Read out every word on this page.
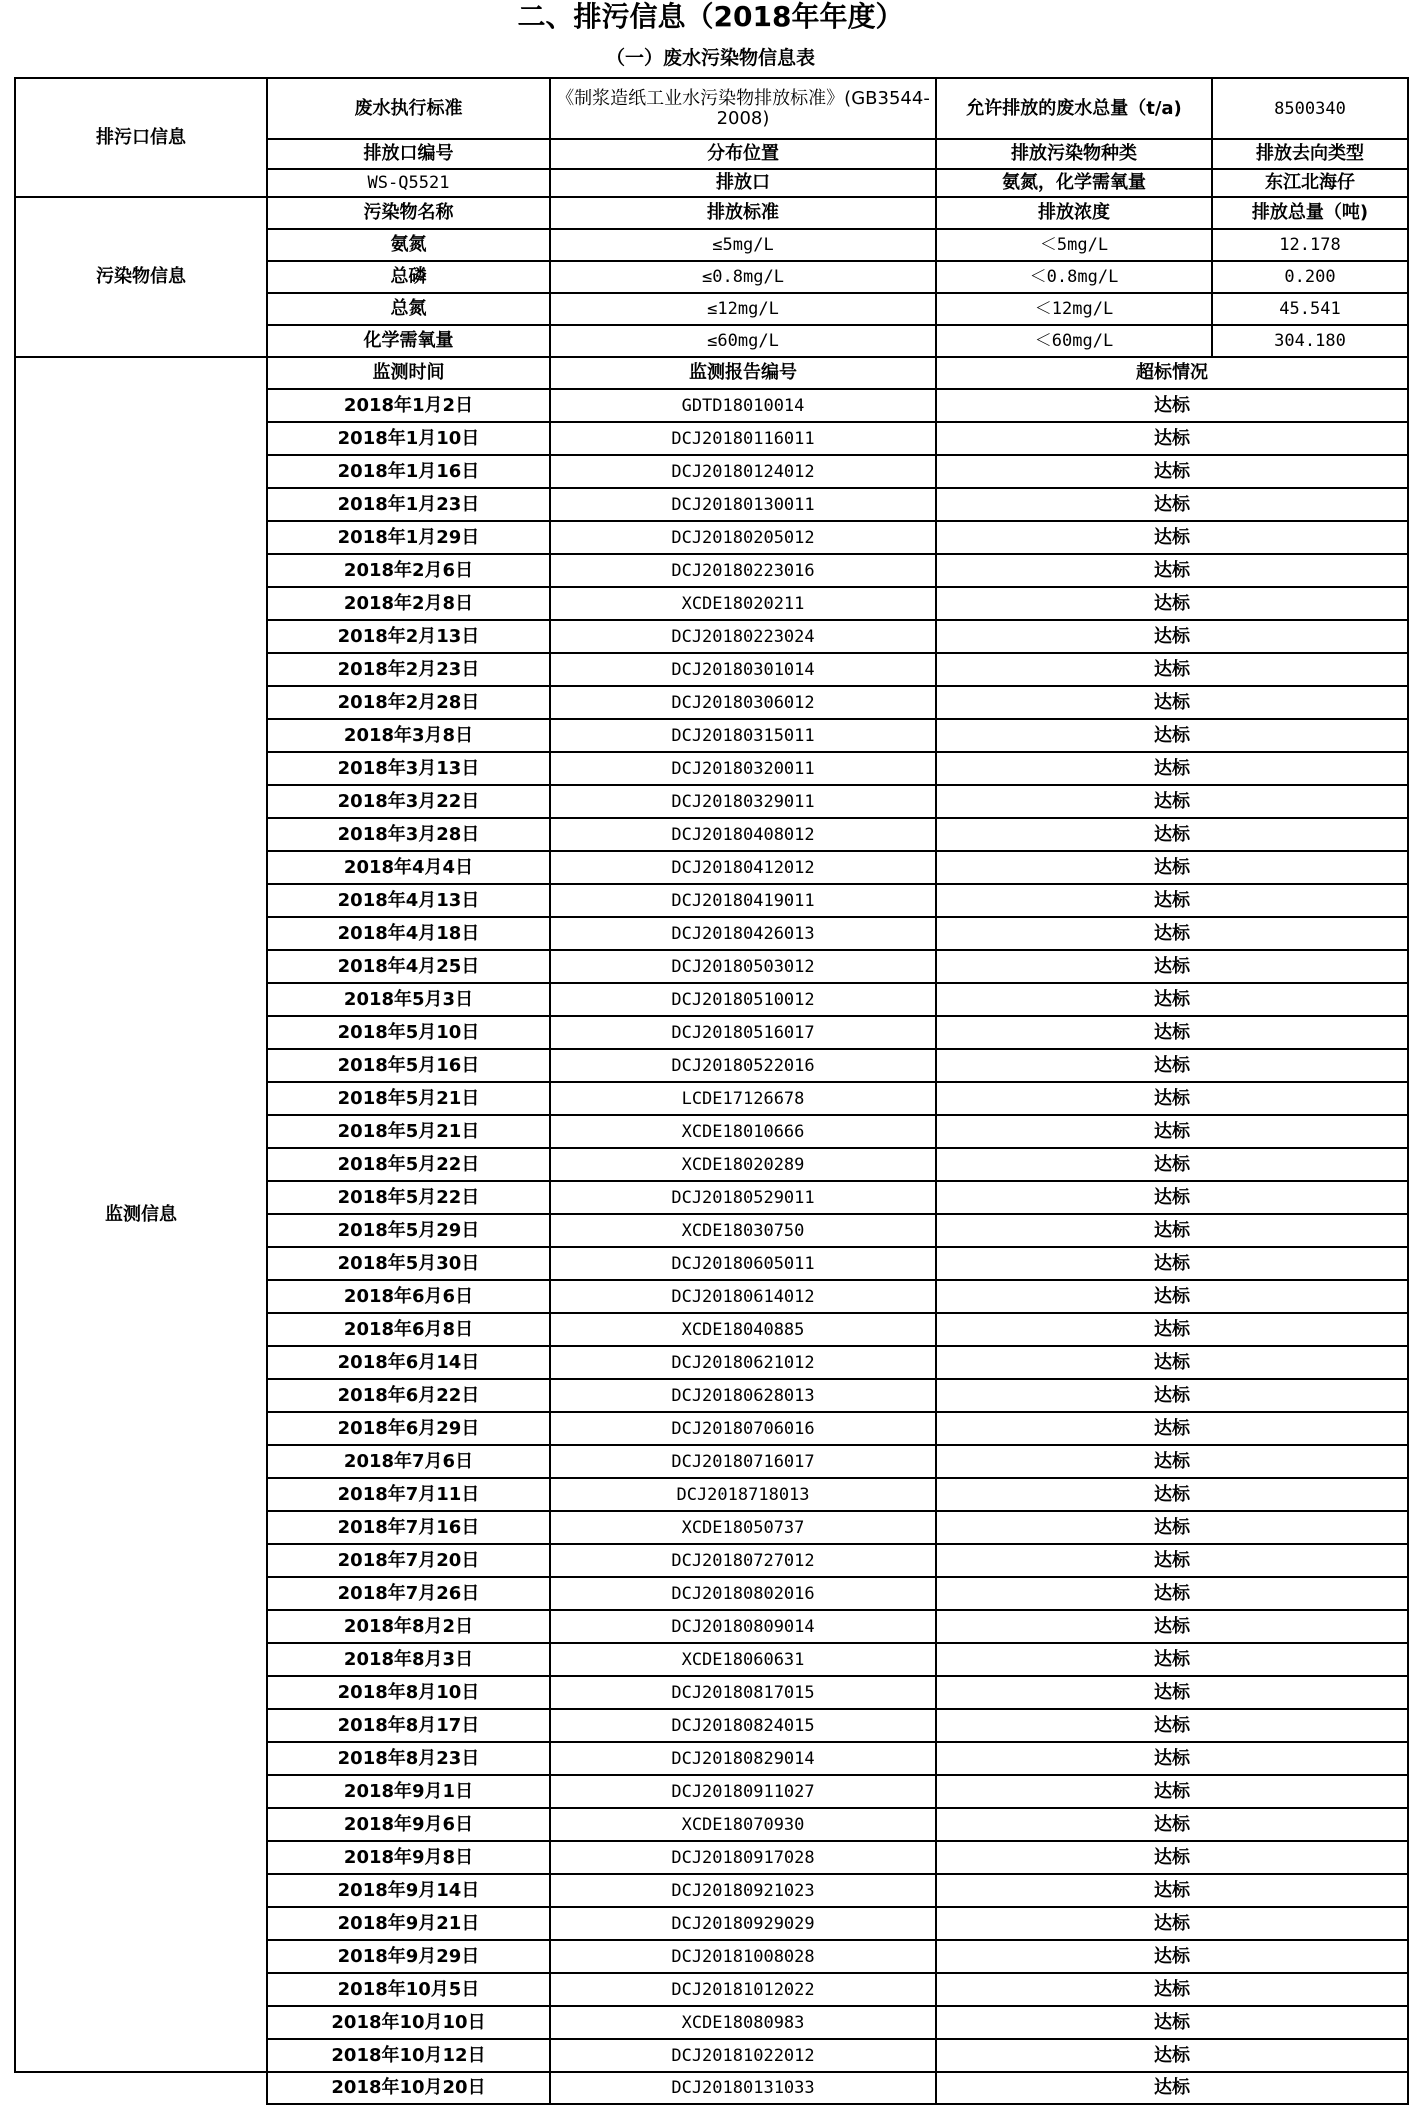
二、排污信息（2018年年度）
（一）废水污染物信息表
排污口信息	废水执行标准	《制浆造纸工业水污染物排放标准》(GB3544-2008)	允许排放的废水总量（t/a)	8500340
	排放口编号	分布位置	排放污染物种类	排放去向类型
	WS-Q5521	排放口	氨氮，化学需氧量	东江北海仔
污染物信息	污染物名称	排放标准	排放浓度	排放总量（吨)
	氨氮	≤5mg/L	＜5mg/L	12.178
	总磷	≤0.8mg/L	＜0.8mg/L	0.200
	总氮	≤12mg/L	＜12mg/L	45.541
	化学需氧量	≤60mg/L	＜60mg/L	304.180
监测信息	监测时间	监测报告编号	超标情况	
	2018年1月2日	GDTD18010014	达标	
	2018年1月10日	DCJ20180116011	达标	
	2018年1月16日	DCJ20180124012	达标	
	2018年1月23日	DCJ20180130011	达标	
	2018年1月29日	DCJ20180205012	达标	
	2018年2月6日	DCJ20180223016	达标	
	2018年2月8日	XCDE18020211	达标	
	2018年2月13日	DCJ20180223024	达标	
	2018年2月23日	DCJ20180301014	达标	
	2018年2月28日	DCJ20180306012	达标	
	2018年3月8日	DCJ20180315011	达标	
	2018年3月13日	DCJ20180320011	达标	
	2018年3月22日	DCJ20180329011	达标	
	2018年3月28日	DCJ20180408012	达标	
	2018年4月4日	DCJ20180412012	达标	
	2018年4月13日	DCJ20180419011	达标	
	2018年4月18日	DCJ20180426013	达标	
	2018年4月25日	DCJ20180503012	达标	
	2018年5月3日	DCJ20180510012	达标	
	2018年5月10日	DCJ20180516017	达标	
	2018年5月16日	DCJ20180522016	达标	
	2018年5月21日	LCDE17126678	达标	
	2018年5月21日	XCDE18010666	达标	
	2018年5月22日	XCDE18020289	达标	
	2018年5月22日	DCJ20180529011	达标	
	2018年5月29日	XCDE18030750	达标	
	2018年5月30日	DCJ20180605011	达标	
	2018年6月6日	DCJ20180614012	达标	
	2018年6月8日	XCDE18040885	达标	
	2018年6月14日	DCJ20180621012	达标	
	2018年6月22日	DCJ20180628013	达标	
	2018年6月29日	DCJ20180706016	达标	
	2018年7月6日	DCJ20180716017	达标	
	2018年7月11日	DCJ2018718013	达标	
	2018年7月16日	XCDE18050737	达标	
	2018年7月20日	DCJ20180727012	达标	
	2018年7月26日	DCJ20180802016	达标	
	2018年8月2日	DCJ20180809014	达标	
	2018年8月3日	XCDE18060631	达标	
	2018年8月10日	DCJ20180817015	达标	
	2018年8月17日	DCJ20180824015	达标	
	2018年8月23日	DCJ20180829014	达标	
	2018年9月1日	DCJ20180911027	达标	
	2018年9月6日	XCDE18070930	达标	
	2018年9月8日	DCJ20180917028	达标	
	2018年9月14日	DCJ20180921023	达标	
	2018年9月21日	DCJ20180929029	达标	
	2018年9月29日	DCJ20181008028	达标	
	2018年10月5日	DCJ20181012022	达标	
	2018年10月10日	XCDE18080983	达标	
	2018年10月12日	DCJ20181022012	达标	
	2018年10月20日	DCJ20180131033	达标	
